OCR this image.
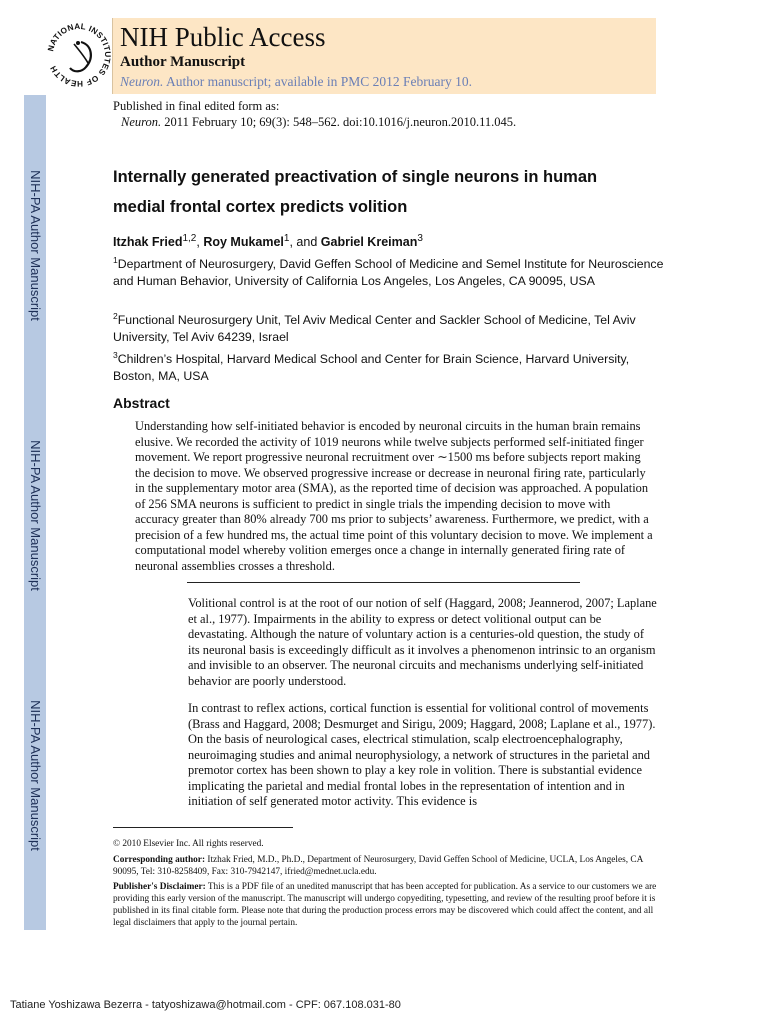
NIH-PA Author Manuscript
NIH-PA Author Manuscript
NIH-PA Author Manuscript
NATIONAL INSTITUTES OF HEALTH
NIH Public Access
Author Manuscript
Neuron. Author manuscript; available in PMC 2012 February 10.
Published in final edited form as:
Neuron. 2011 February 10; 69(3): 548–562. doi:10.1016/j.neuron.2010.11.045.
Internally generated preactivation of single neurons in human
medial frontal cortex predicts volition
Itzhak Fried$^{1,2}$, Roy Mukamel$^1$, and Gabriel Kreiman$^3$
$^1$Department of Neurosurgery, David Geffen School of Medicine and Semel Institute for Neuroscience and Human Behavior, University of California Los Angeles, Los Angeles, CA 90095, USA
$^2$Functional Neurosurgery Unit, Tel Aviv Medical Center and Sackler School of Medicine, Tel Aviv University, Tel Aviv 64239, Israel
$^3$Children’s Hospital, Harvard Medical School and Center for Brain Science, Harvard University, Boston, MA, USA
Abstract
Understanding how self-initiated behavior is encoded by neuronal circuits in the human brain remains elusive. We recorded the activity of 1019 neurons while twelve subjects performed self-initiated finger movement. We report progressive neuronal recruitment over ∼1500 ms before subjects report making the decision to move. We observed progressive increase or decrease in neuronal firing rate, particularly in the supplementary motor area (SMA), as the reported time of decision was approached. A population of 256 SMA neurons is sufficient to predict in single trials the impending decision to move with accuracy greater than 80% already 700 ms prior to subjects’ awareness. Furthermore, we predict, with a precision of a few hundred ms, the actual time point of this voluntary decision to move. We implement a computational model whereby volition emerges once a change in internally generated firing rate of neuronal assemblies crosses a threshold.
Volitional control is at the root of our notion of self (Haggard, 2008; Jeannerod, 2007; Laplane et al., 1977). Impairments in the ability to express or detect volitional output can be devastating. Although the nature of voluntary action is a centuries-old question, the study of its neuronal basis is exceedingly difficult as it involves a phenomenon intrinsic to an organism and invisible to an observer. The neuronal circuits and mechanisms underlying self-initiated behavior are poorly understood.
In contrast to reflex actions, cortical function is essential for volitional control of movements (Brass and Haggard, 2008; Desmurget and Sirigu, 2009; Haggard, 2008; Laplane et al., 1977). On the basis of neurological cases, electrical stimulation, scalp electroencephalography, neuroimaging studies and animal neurophysiology, a network of structures in the parietal and premotor cortex has been shown to play a key role in volition. There is substantial evidence implicating the parietal and medial frontal lobes in the representation of intention and in initiation of self generated motor activity. This evidence is
© 2010 Elsevier Inc. All rights reserved.
Corresponding author: Itzhak Fried, M.D., Ph.D., Department of Neurosurgery, David Geffen School of Medicine, UCLA, Los Angeles, CA 90095, Tel: 310-8258409, Fax: 310-7942147, ifried@mednet.ucla.edu.
Publisher's Disclaimer: This is a PDF file of an unedited manuscript that has been accepted for publication. As a service to our customers we are providing this early version of the manuscript. The manuscript will undergo copyediting, typesetting, and review of the resulting proof before it is published in its final citable form. Please note that during the production process errors may be discovered which could affect the content, and all legal disclaimers that apply to the journal pertain.
Tatiane Yoshizawa Bezerra - tatyoshizawa@hotmail.com - CPF: 067.108.031-80
